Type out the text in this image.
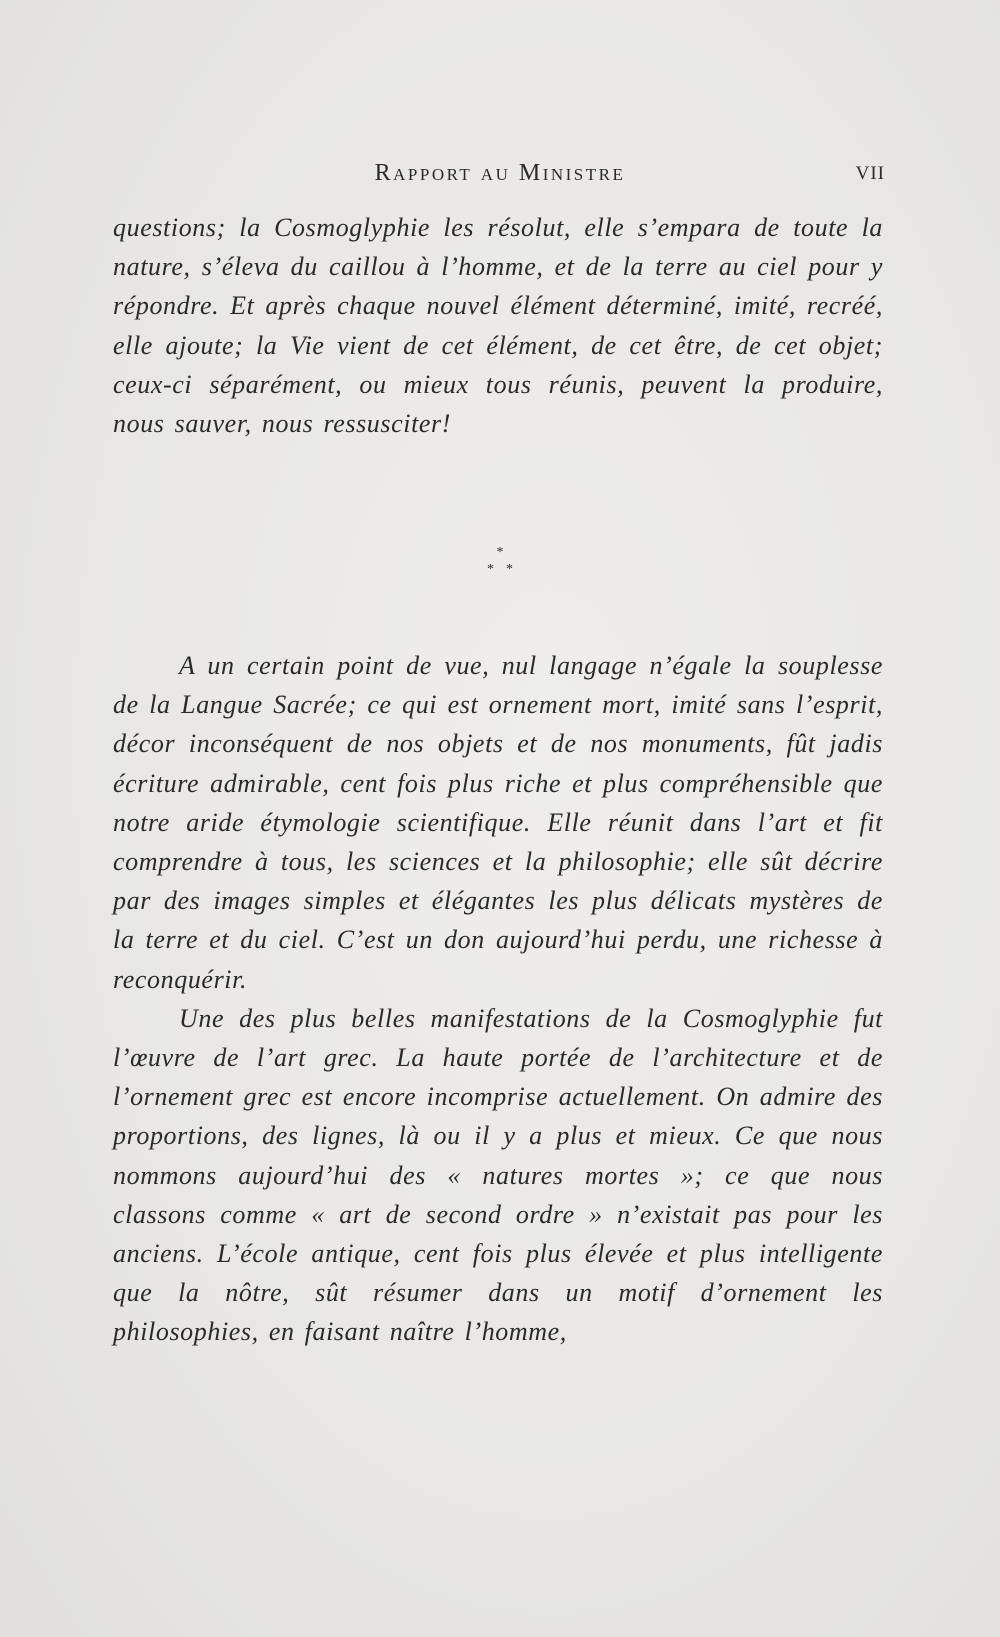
Rapport au Ministre	VII

questions; la Cosmoglyphie les résolut, elle s’empara de toute la nature, s’éleva du caillou à l’homme, et de la terre au ciel pour y répondre. Et après chaque nouvel élément déterminé, imité, recréé, elle ajoute; la Vie vient de cet élément, de cet être, de cet objet; ceux-ci séparément, ou mieux tous réunis, peuvent la produire, nous sauver, nous ressusciter!

*
**

A un certain point de vue, nul langage n’égale la souplesse de la Langue Sacrée; ce qui est ornement mort, imité sans l’esprit, décor inconséquent de nos objets et de nos monuments, fût jadis écriture admirable, cent fois plus riche et plus compréhensible que notre aride étymologie scientifique. Elle réunit dans l’art et fit comprendre à tous, les sciences et la philosophie; elle sût décrire par des images simples et élégantes les plus délicats mystères de la terre et du ciel. C’est un don aujourd’hui perdu, une richesse à reconquérir.

Une des plus belles manifestations de la Cosmoglyphie fut l’œuvre de l’art grec. La haute portée de l’architecture et de l’ornement grec est encore incomprise actuellement. On admire des proportions, des lignes, là ou il y a plus et mieux. Ce que nous nommons aujourd’hui des « natures mortes »; ce que nous classons comme « art de second ordre » n’existait pas pour les anciens. L’école antique, cent fois plus élevée et plus intelligente que la nôtre, sût résumer dans un motif d’ornement les philosophies, en faisant naître l’homme,
